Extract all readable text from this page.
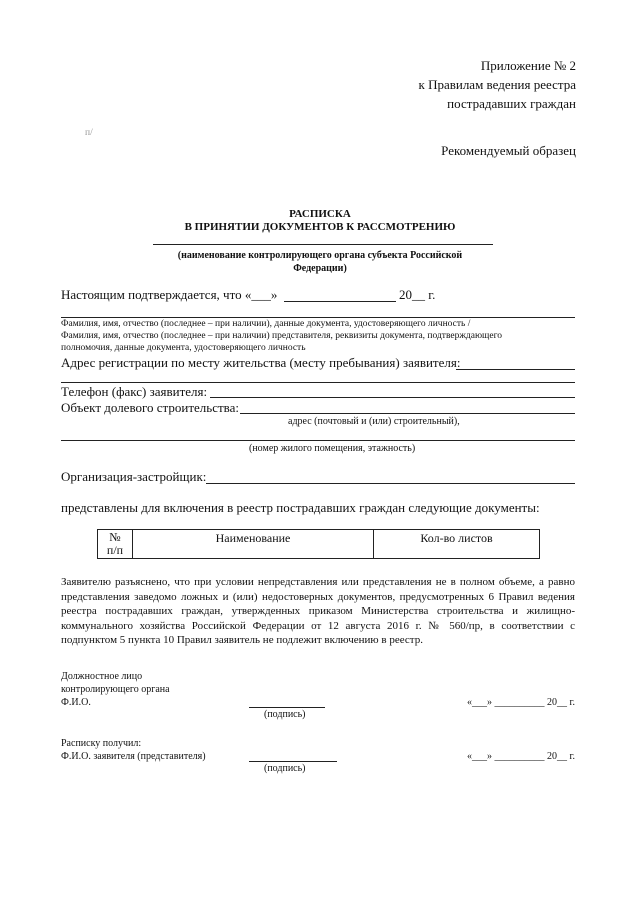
Приложение № 2
к Правилам ведения реестра
пострадавших граждан
Рекомендуемый образец
п/
РАСПИСКА
В ПРИНЯТИИ ДОКУМЕНТОВ К РАССМОТРЕНИЮ
(наименование контролирующего органа субъекта Российской
Федерации)
Настоящим подтверждается, что «___»	20__ г.
Фамилия, имя, отчество (последнее – при наличии), данные документа, удостоверяющего личность /
Фамилия, имя, отчество (последнее – при наличии) представителя, реквизиты документа, подтверждающего
полномочия, данные документа, удостоверяющего личность
Адрес регистрации по месту жительства (месту пребывания) заявителя:
Телефон (факс) заявителя:
Объект долевого строительства:
адрес (почтовый и (или) строительный),
(номер жилого помещения, этажность)
Организация-застройщик:
представлены для включения в реестр пострадавших граждан следующие документы:
№
п/п	Наименование	Кол-во листов
Заявителю разъяснено, что при условии непредставления или представления не в полном объеме, а равно представления заведомо ложных и (или) недостоверных документов, предусмотренных 6 Правил ведения реестра пострадавших граждан, утвержденных приказом Министерства строительства и жилищно-коммунального хозяйства Российской Федерации от 12 августа 2016 г. № 560/пр, в соответствии с подпунктом 5 пункта 10 Правил заявитель не подлежит включению в реестр.
Должностное лицо
контролирующего органа
Ф.И.О.
(подпись)
«___» __________ 20__ г.
Расписку получил:
Ф.И.О. заявителя (представителя)
(подпись)
«___» __________ 20__ г.
